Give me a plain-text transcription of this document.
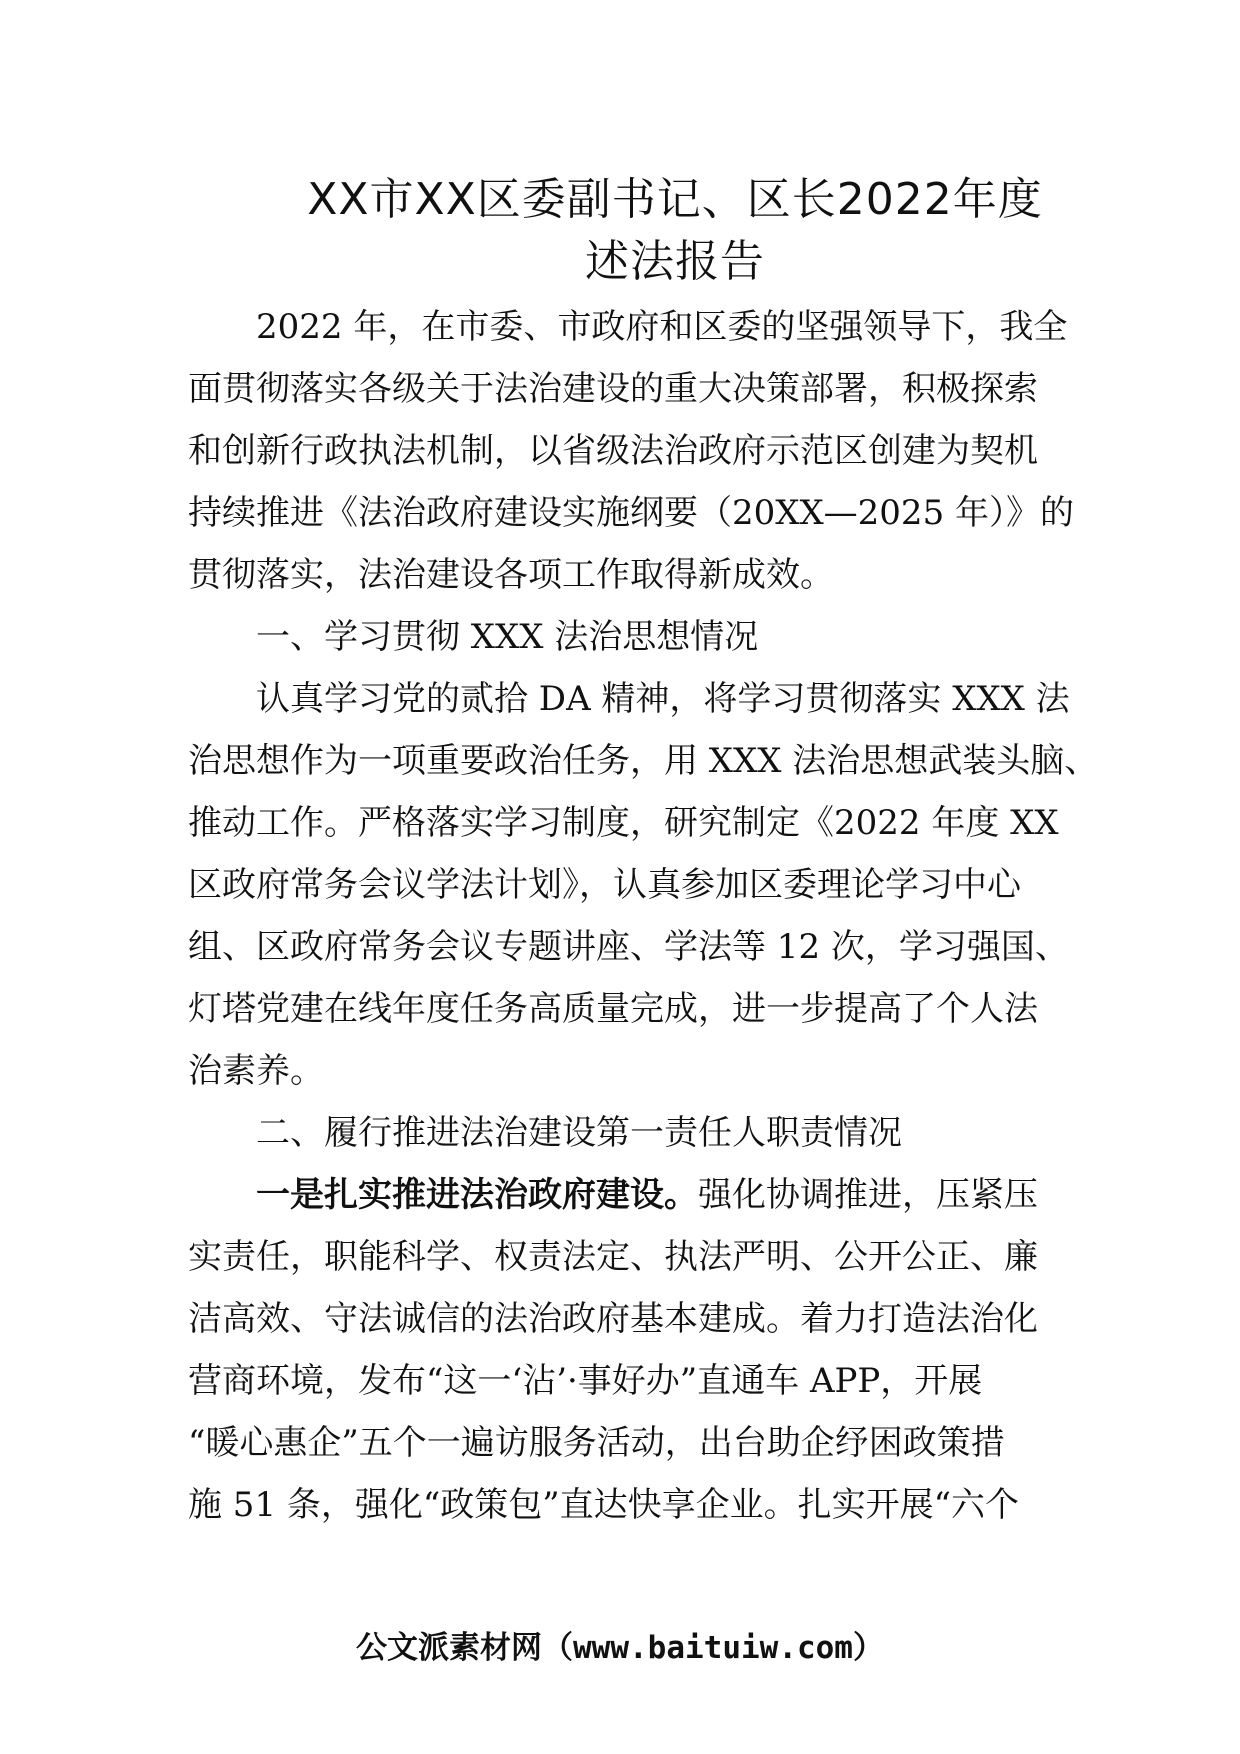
XX市XX区委副书记、区长2022年度
述法报告
2022 年，在市委、市政府和区委的坚强领导下，我全
面贯彻落实各级关于法治建设的重大决策部署，积极探索
和创新行政执法机制，以省级法治政府示范区创建为契机
持续推进《法治政府建设实施纲要（20XX—2025 年）》的
贯彻落实，法治建设各项工作取得新成效。
一、学习贯彻 XXX 法治思想情况
认真学习党的贰拾 DA 精神，将学习贯彻落实 XXX 法
治思想作为一项重要政治任务，用 XXX 法治思想武装头脑、
推动工作。严格落实学习制度，研究制定《2022 年度 XX
区政府常务会议学法计划》，认真参加区委理论学习中心
组、区政府常务会议专题讲座、学法等 12 次，学习强国、
灯塔党建在线年度任务高质量完成，进一步提高了个人法
治素养。
二、履行推进法治建设第一责任人职责情况
一是扎实推进法治政府建设。强化协调推进，压紧压
实责任，职能科学、权责法定、执法严明、公开公正、廉
洁高效、守法诚信的法治政府基本建成。着力打造法治化
营商环境，发布“这一‘沾’·事好办”直通车 APP，开展
“暖心惠企”五个一遍访服务活动，出台助企纾困政策措
施 51 条，强化“政策包”直达快享企业。扎实开展“六个
公文派素材网（www.baituiw.com）
